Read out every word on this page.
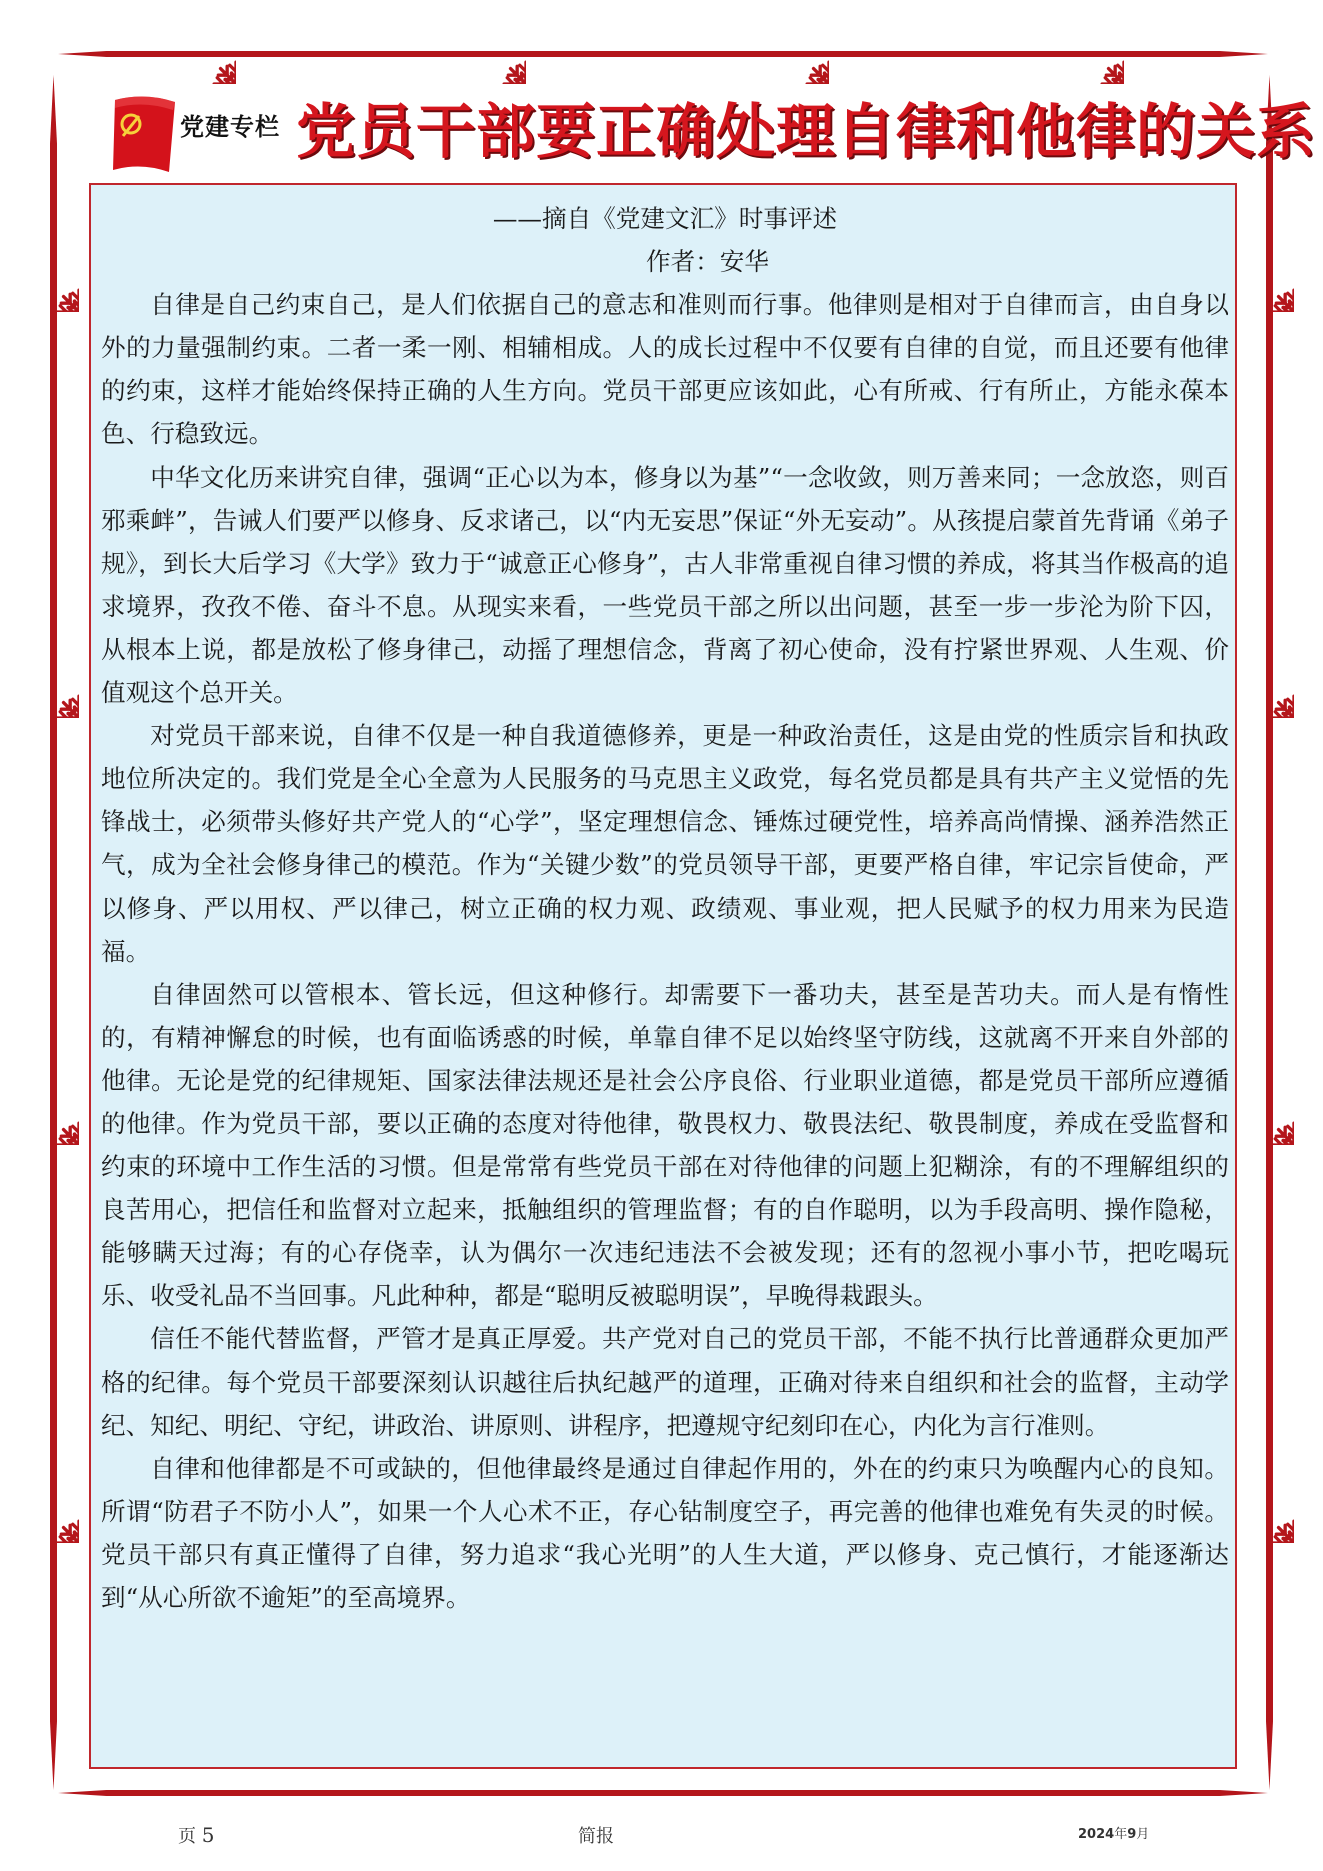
党建专栏 党员干部要正确处理自律和他律的关系

——摘自《党建文汇》时事评述

作者：安华

自律是自己约束自己，是人们依据自己的意志和准则而行事。他律则是相对于自律而言，由自身以外的力量强制约束。二者一柔一刚、相辅相成。人的成长过程中不仅要有自律的自觉，而且还要有他律的约束，这样才能始终保持正确的人生方向。党员干部更应该如此，心有所戒、行有所止，方能永葆本色、行稳致远。

中华文化历来讲究自律，强调“正心以为本，修身以为基”“一念收敛，则万善来同；一念放恣，则百邪乘衅”，告诫人们要严以修身、反求诸己，以“内无妄思”保证“外无妄动”。从孩提启蒙首先背诵《弟子规》，到长大后学习《大学》致力于“诚意正心修身”，古人非常重视自律习惯的养成，将其当作极高的追求境界，孜孜不倦、奋斗不息。从现实来看，一些党员干部之所以出问题，甚至一步一步沦为阶下囚，从根本上说，都是放松了修身律己，动摇了理想信念，背离了初心使命，没有拧紧世界观、人生观、价值观这个总开关。

对党员干部来说，自律不仅是一种自我道德修养，更是一种政治责任，这是由党的性质宗旨和执政地位所决定的。我们党是全心全意为人民服务的马克思主义政党，每名党员都是具有共产主义觉悟的先锋战士，必须带头修好共产党人的“心学”，坚定理想信念、锤炼过硬党性，培养高尚情操、涵养浩然正气，成为全社会修身律己的模范。作为“关键少数”的党员领导干部，更要严格自律，牢记宗旨使命，严以修身、严以用权、严以律己，树立正确的权力观、政绩观、事业观，把人民赋予的权力用来为民造福。

自律固然可以管根本、管长远，但这种修行。却需要下一番功夫，甚至是苦功夫。而人是有惰性的，有精神懈怠的时候，也有面临诱惑的时候，单靠自律不足以始终坚守防线，这就离不开来自外部的他律。无论是党的纪律规矩、国家法律法规还是社会公序良俗、行业职业道德，都是党员干部所应遵循的他律。作为党员干部，要以正确的态度对待他律，敬畏权力、敬畏法纪、敬畏制度，养成在受监督和约束的环境中工作生活的习惯。但是常常有些党员干部在对待他律的问题上犯糊涂，有的不理解组织的良苦用心，把信任和监督对立起来，抵触组织的管理监督；有的自作聪明，以为手段高明、操作隐秘，能够瞒天过海；有的心存侥幸，认为偶尔一次违纪违法不会被发现；还有的忽视小事小节，把吃喝玩乐、收受礼品不当回事。凡此种种，都是“聪明反被聪明误”，早晚得栽跟头。

信任不能代替监督，严管才是真正厚爱。共产党对自己的党员干部，不能不执行比普通群众更加严格的纪律。每个党员干部要深刻认识越往后执纪越严的道理，正确对待来自组织和社会的监督，主动学纪、知纪、明纪、守纪，讲政治、讲原则、讲程序，把遵规守纪刻印在心，内化为言行准则。

自律和他律都是不可或缺的，但他律最终是通过自律起作用的，外在的约束只为唤醒内心的良知。所谓“防君子不防小人”，如果一个人心术不正，存心钻制度空子，再完善的他律也难免有失灵的时候。党员干部只有真正懂得了自律，努力追求“我心光明”的人生大道，严以修身、克己慎行，才能逐渐达到“从心所欲不逾矩”的至高境界。

页 5	简报	2024年9月
